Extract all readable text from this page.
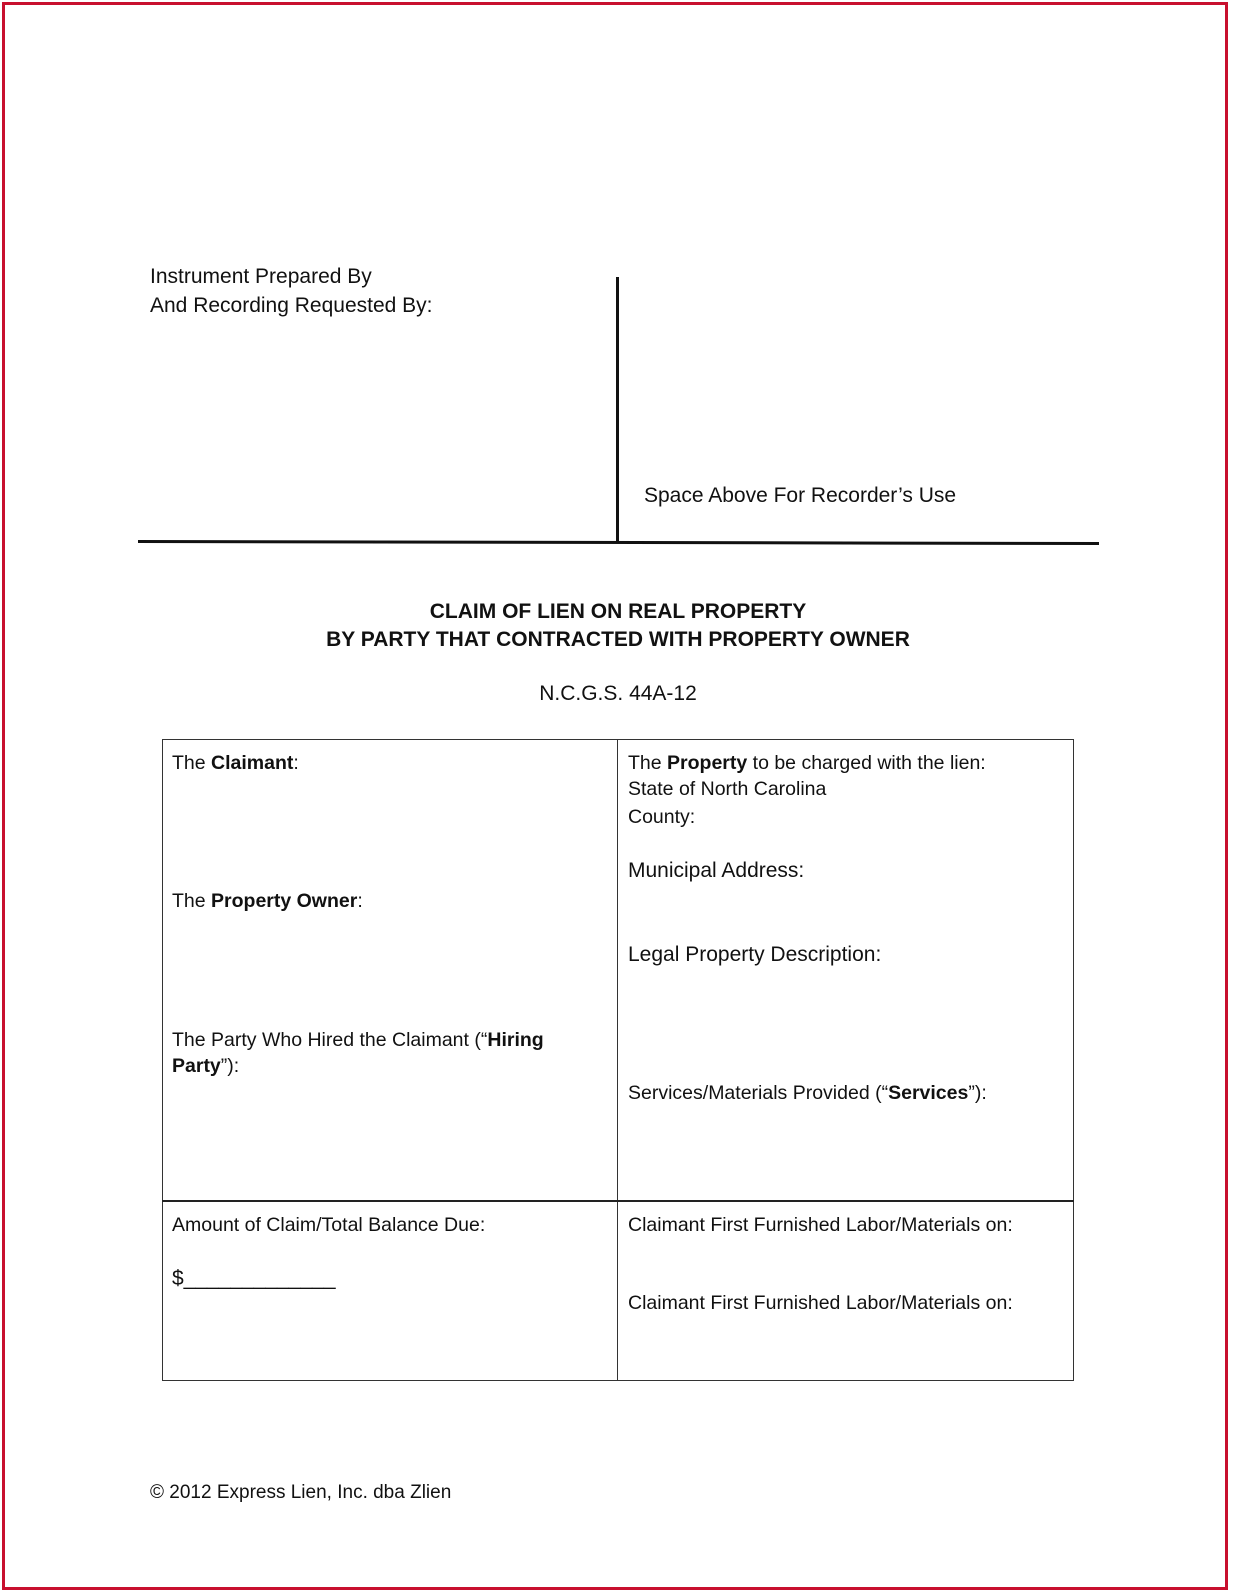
Instrument Prepared By
And Recording Requested By:
Space Above For Recorder’s Use
CLAIM OF LIEN ON REAL PROPERTY
BY PARTY THAT CONTRACTED WITH PROPERTY OWNER
N.C.G.S. 44A-12
The Claimant:
The Property Owner:
The Party Who Hired the Claimant (“Hiring
Party”):
The Property to be charged with the lien:
State of North Carolina
County:
Municipal Address:
Legal Property Description:
Services/Materials Provided (“Services”):
Amount of Claim/Total Balance Due:
$_____________
Claimant First Furnished Labor/Materials on:
Claimant First Furnished Labor/Materials on:
© 2012 Express Lien, Inc. dba Zlien
